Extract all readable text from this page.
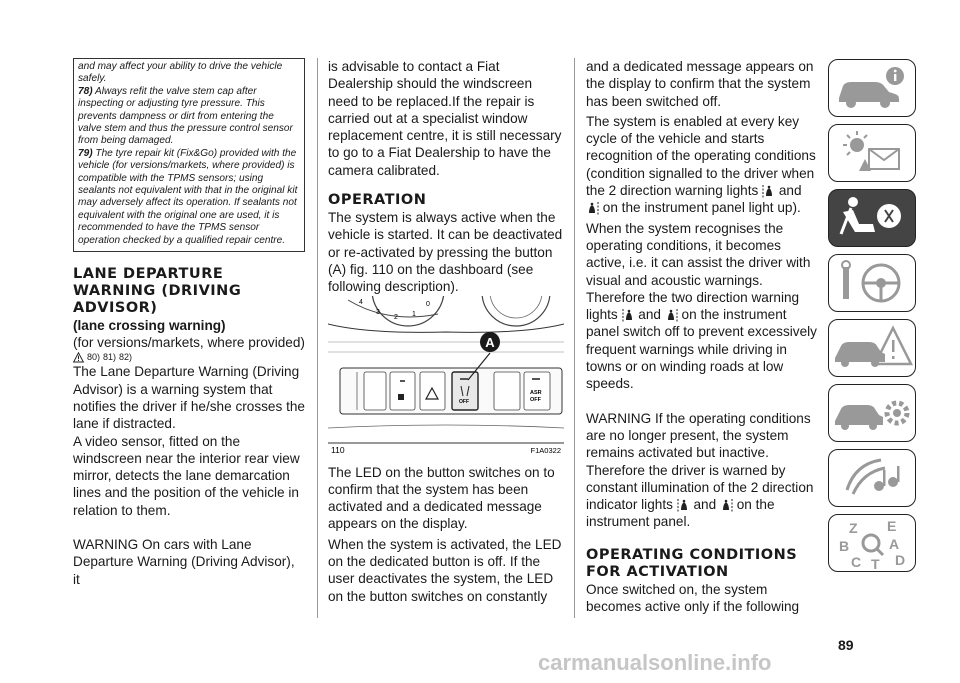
and may affect your ability to drive the vehicle safely.

78) Always refit the valve stem cap after inspecting or adjusting tyre pressure. This prevents dampness or dirt from entering the valve stem and thus the pressure control sensor from being damaged.

79) The tyre repair kit (Fix&Go) provided with the vehicle (for versions/markets, where provided) is compatible with the TPMS sensors; using sealants not equivalent with that in the original kit may adversely affect its operation. If sealants not equivalent with the original one are used, it is recommended to have the TPMS sensor operation checked by a qualified repair centre.

LANE DEPARTURE WARNING (DRIVING ADVISOR)
(lane crossing warning)

(for versions/markets, where provided)

80) 81) 82)

The Lane Departure Warning (Driving Advisor) is a warning system that notifies the driver if he/she crosses the lane if distracted.

A video sensor, fitted on the windscreen near the interior rear view mirror, detects the lane demarcation lines and the position of the vehicle in relation to them.

WARNING On cars with Lane Departure Warning (Driving Advisor), it

is advisable to contact a Fiat Dealership should the windscreen need to be replaced.If the repair is carried out at a specialist window replacement centre, it is still necessary to go to a Fiat Dealership to have the camera calibrated.

OPERATION

The system is always active when the vehicle is started. It can be deactivated or re-activated by pressing the button (A) fig. 110 on the dashboard (see following description).

4
3
2 1
0
OFF
ASR
OFF
A
110	F1A0322

The LED on the button switches on to confirm that the system has been activated and a dedicated message appears on the display.

When the system is activated, the LED on the dedicated button is off. If the user deactivates the system, the LED on the button switches on constantly

and a dedicated message appears on the display to confirm that the system has been switched off.

The system is enabled at every key cycle of the vehicle and starts recognition of the operating conditions (condition signalled to the driver when the 2 direction warning lights and  on the instrument panel light up).

When the system recognises the operating conditions, it becomes active, i.e. it can assist the driver with visual and acoustic warnings. Therefore the two direction warning lights and on the instrument panel switch off to prevent excessively frequent warnings while driving in towns or on winding roads at low speeds.

WARNING If the operating conditions are no longer present, the system remains activated but inactive. Therefore the driver is warned by constant illumination of the 2 direction indicator lights and on the instrument panel.

OPERATING CONDITIONS FOR ACTIVATION

Once switched on, the system becomes active only if the following

Z E
B	A
C T D
89
carmanualsonline.info
